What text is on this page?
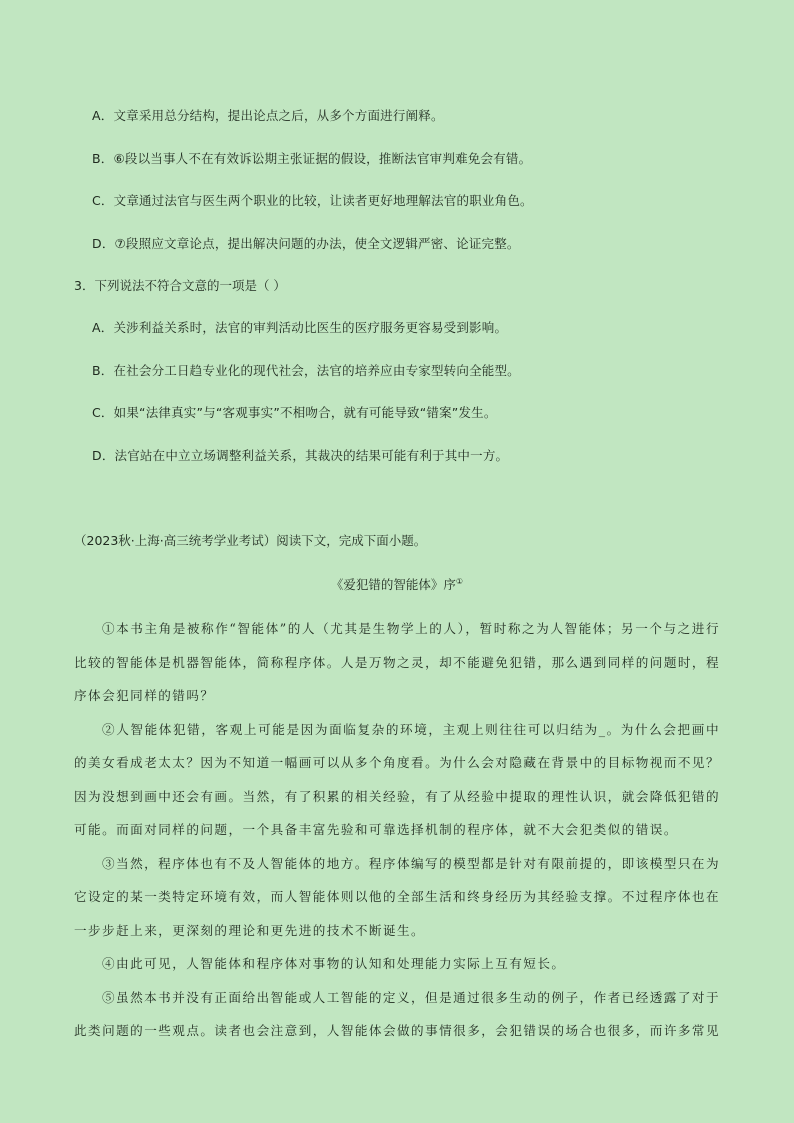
A．文章采用总分结构，提出论点之后，从多个方面进行阐释。
B．⑥段以当事人不在有效诉讼期主张证据的假设，推断法官审判难免会有错。
C．文章通过法官与医生两个职业的比较，让读者更好地理解法官的职业角色。
D．⑦段照应文章论点，提出解决问题的办法，使全文逻辑严密、论证完整。
3．下列说法不符合文意的一项是（ ）
A．关涉利益关系时，法官的审判活动比医生的医疗服务更容易受到影响。
B．在社会分工日趋专业化的现代社会，法官的培养应由专家型转向全能型。
C．如果“法律真实”与“客观事实”不相吻合，就有可能导致“错案”发生。
D．法官站在中立立场调整利益关系，其裁决的结果可能有利于其中一方。
（2023秋·上海·高三统考学业考试）阅读下文，完成下面小题。
《爱犯错的智能体》序①

①本书主角是被称作“智能体”的人（尤其是生物学上的人），暂时称之为人智能体；另一个与之进行比较的智能体是机器智能体，简称程序体。人是万物之灵，却不能避免犯错，那么遇到同样的问题时，程序体会犯同样的错吗？

②人智能体犯错，客观上可能是因为面临复杂的环境，主观上则往往可以归结为_。为什么会把画中的美女看成老太太？因为不知道一幅画可以从多个角度看。为什么会对隐藏在背景中的目标物视而不见？因为没想到画中还会有画。当然，有了积累的相关经验，有了从经验中提取的理性认识，就会降低犯错的可能。而面对同样的问题，一个具备丰富先验和可靠选择机制的程序体，就不大会犯类似的错误。

③当然，程序体也有不及人智能体的地方。程序体编写的模型都是针对有限前提的，即该模型只在为它设定的某一类特定环境有效，而人智能体则以他的全部生活和终身经历为其经验支撑。不过程序体也在一步步赶上来，更深刻的理论和更先进的技术不断诞生。

④由此可见，人智能体和程序体对事物的认知和处理能力实际上互有短长。

⑤虽然本书并没有正面给出智能或人工智能的定义，但是通过很多生动的例子，作者已经透露了对于此类问题的一些观点。读者也会注意到，人智能体会做的事情很多，会犯错误的场合也很多，而许多常见
